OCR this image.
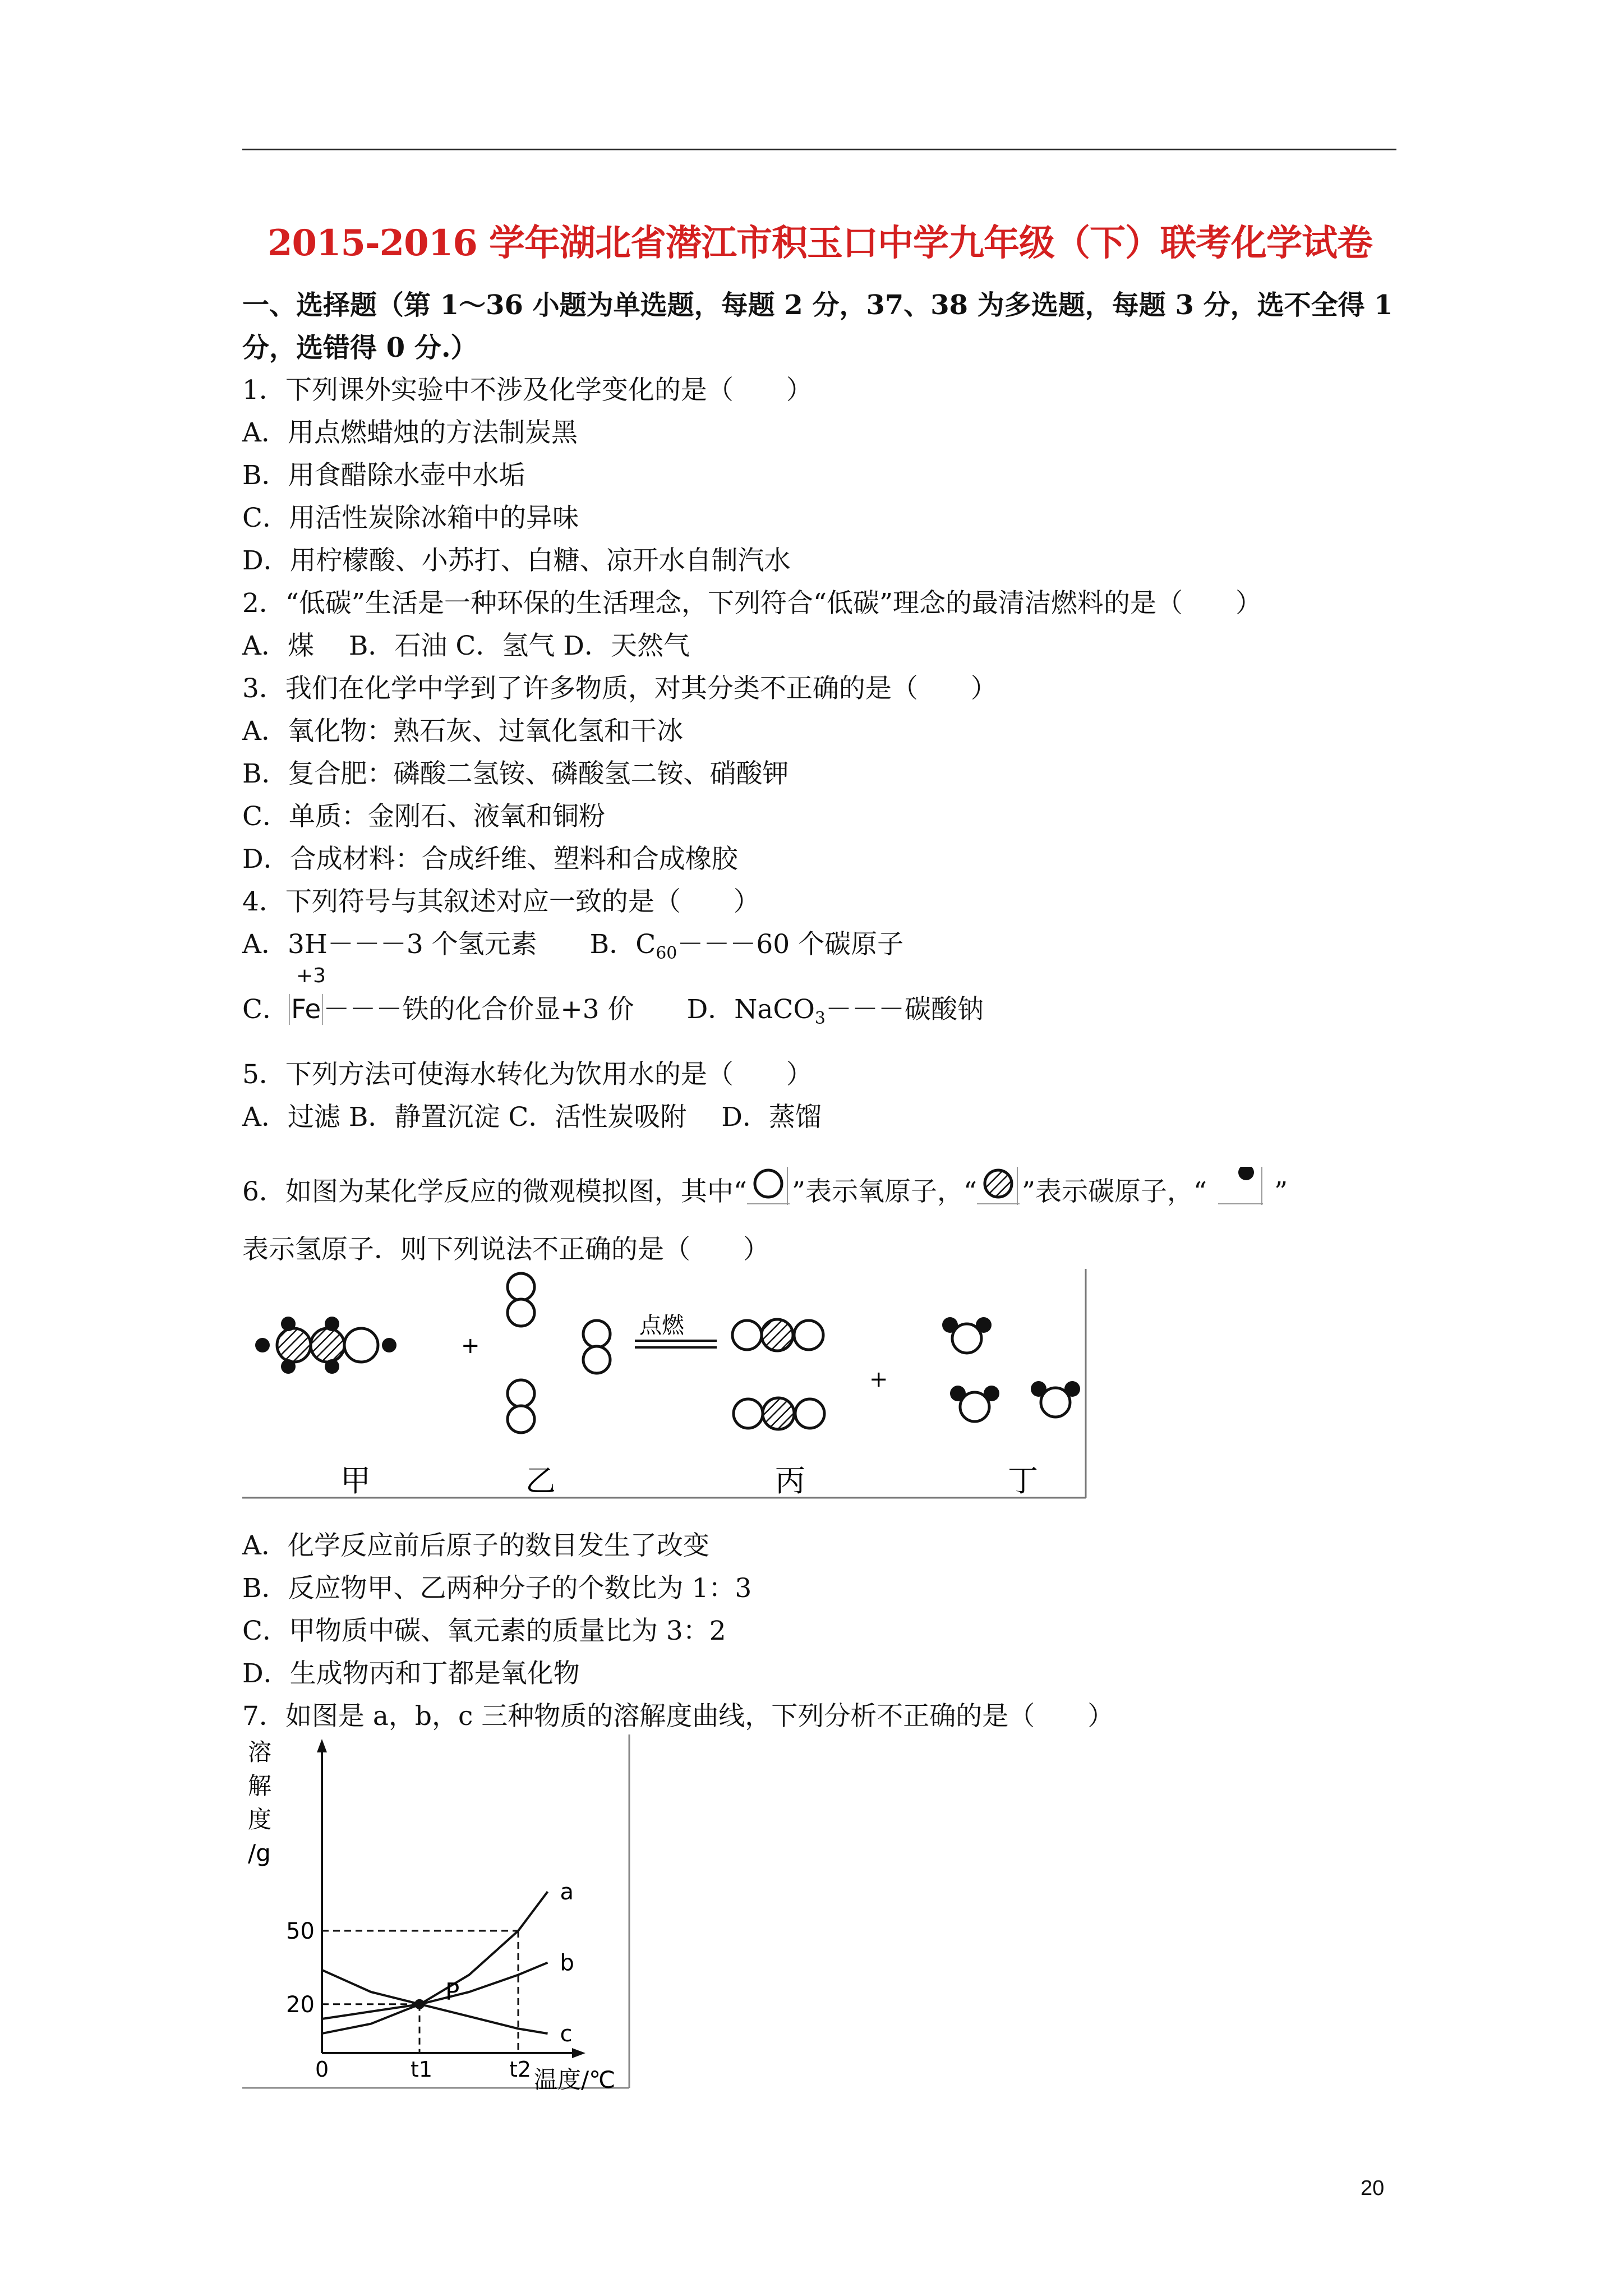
2015-2016 学年湖北省潜江市积玉口中学九年级（下）联考化学试卷
一、选择题（第 1～36 小题为单选题，每题 2 分，37、38 为多选题，每题 3 分，选不全得 1
分，选错得 0 分.）
1．下列课外实验中不涉及化学变化的是（　　）
A．用点燃蜡烛的方法制炭黑
B．用食醋除水壶中水垢
C．用活性炭除冰箱中的异味
D．用柠檬酸、小苏打、白糖、凉开水自制汽水
2．“低碳”生活是一种环保的生活理念，下列符合“低碳”理念的最清洁燃料的是（　　）
A．煤　 B．石油 C．氢气 D．天然气
3．我们在化学中学到了许多物质，对其分类不正确的是（　　）
A．氧化物：熟石灰、过氧化氢和干冰
B．复合肥：磷酸二氢铵、磷酸氢二铵、硝酸钾
C．单质：金刚石、液氧和铜粉
D．合成材料：合成纤维、塑料和合成橡胶
4．下列符号与其叙述对应一致的是（　　）
A．3H－－－3 个氢元素　　B．$C_{60}---60$ 个碳原子
+3
C．Fe－－－铁的化合价显+3 价　　D．NaCO$_3$－－－碳酸钠
5．下列方法可使海水转化为饮用水的是（　　）
A．过滤 B．静置沉淀 C．活性炭吸附　 D．蒸馏
6．如图为某化学反应的微观模拟图，其中“ ”表示氧原子，“ ”表示碳原子，“	”
表示氢原子．则下列说法不正确的是（　　）
+
点燃
+
甲	乙	丙	丁
A．化学反应前后原子的数目发生了改变
B．反应物甲、乙两种分子的个数比为 1：3
C．甲物质中碳、氧元素的质量比为 3：2
D．生成物丙和丁都是氧化物
7．如图是 a，b，c 三种物质的溶解度曲线，下列分析不正确的是（　　）
溶
解
度
/g
温度/℃
0
20
50
t1	t2
a
b
c
P
20
